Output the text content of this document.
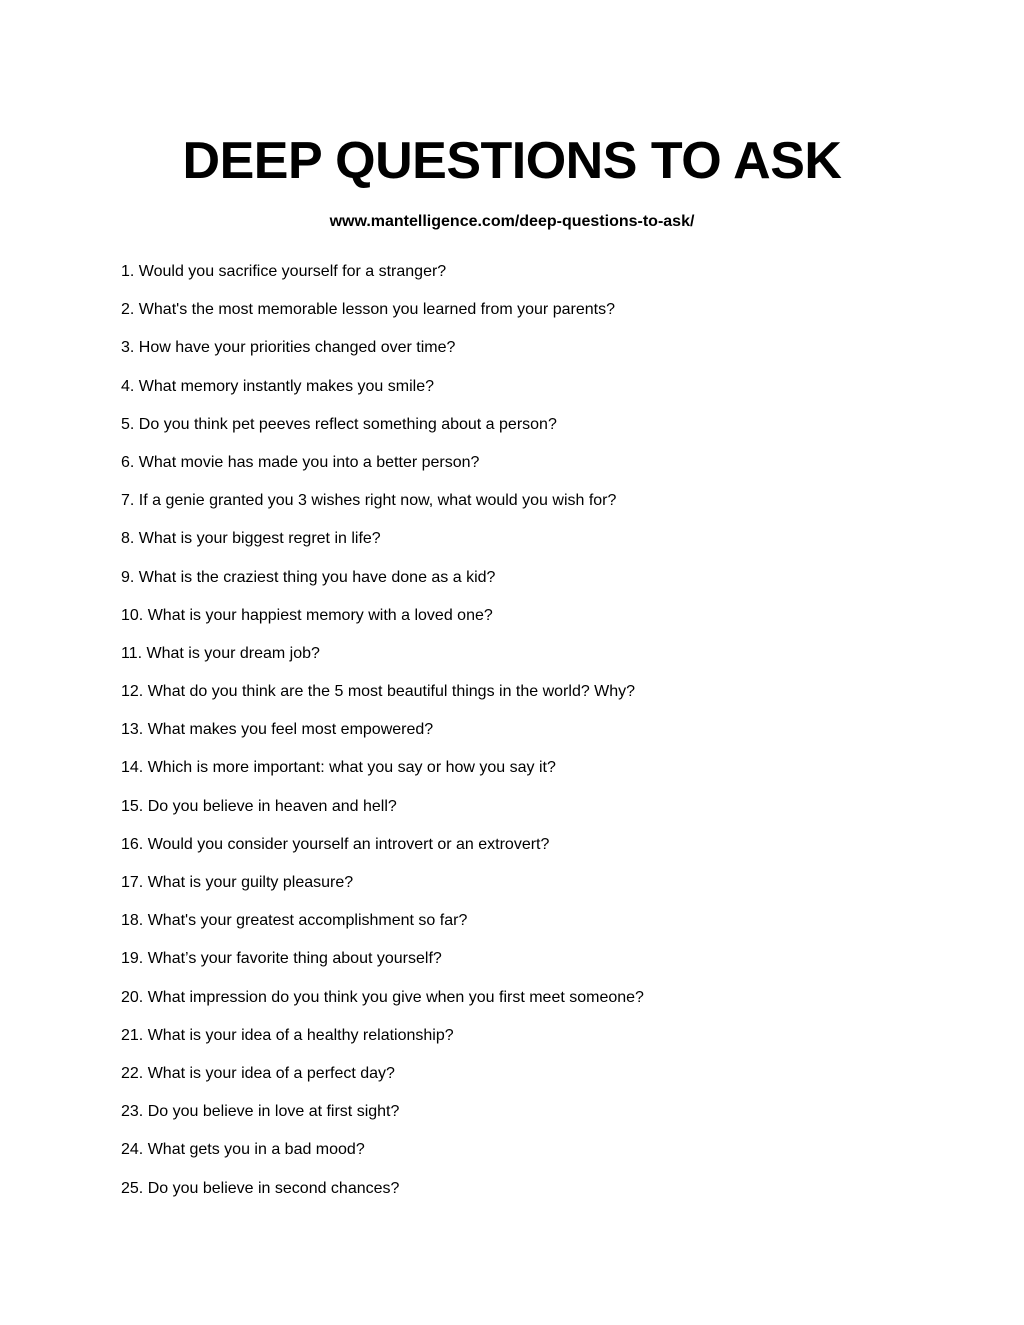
DEEP QUESTIONS TO ASK
www.mantelligence.com/deep-questions-to-ask/
1. Would you sacrifice yourself for a stranger?
2. What's the most memorable lesson you learned from your parents?
3. How have your priorities changed over time?
4. What memory instantly makes you smile?
5. Do you think pet peeves reflect something about a person?
6. What movie has made you into a better person?
7. If a genie granted you 3 wishes right now, what would you wish for?
8. What is your biggest regret in life?
9. What is the craziest thing you have done as a kid?
10. What is your happiest memory with a loved one?
11. What is your dream job?
12. What do you think are the 5 most beautiful things in the world? Why?
13. What makes you feel most empowered?
14. Which is more important: what you say or how you say it?
15. Do you believe in heaven and hell?
16. Would you consider yourself an introvert or an extrovert?
17. What is your guilty pleasure?
18. What's your greatest accomplishment so far?
19. What’s your favorite thing about yourself?
20. What impression do you think you give when you first meet someone?
21. What is your idea of a healthy relationship?
22. What is your idea of a perfect day?
23. Do you believe in love at first sight?
24. What gets you in a bad mood?
25. Do you believe in second chances?
